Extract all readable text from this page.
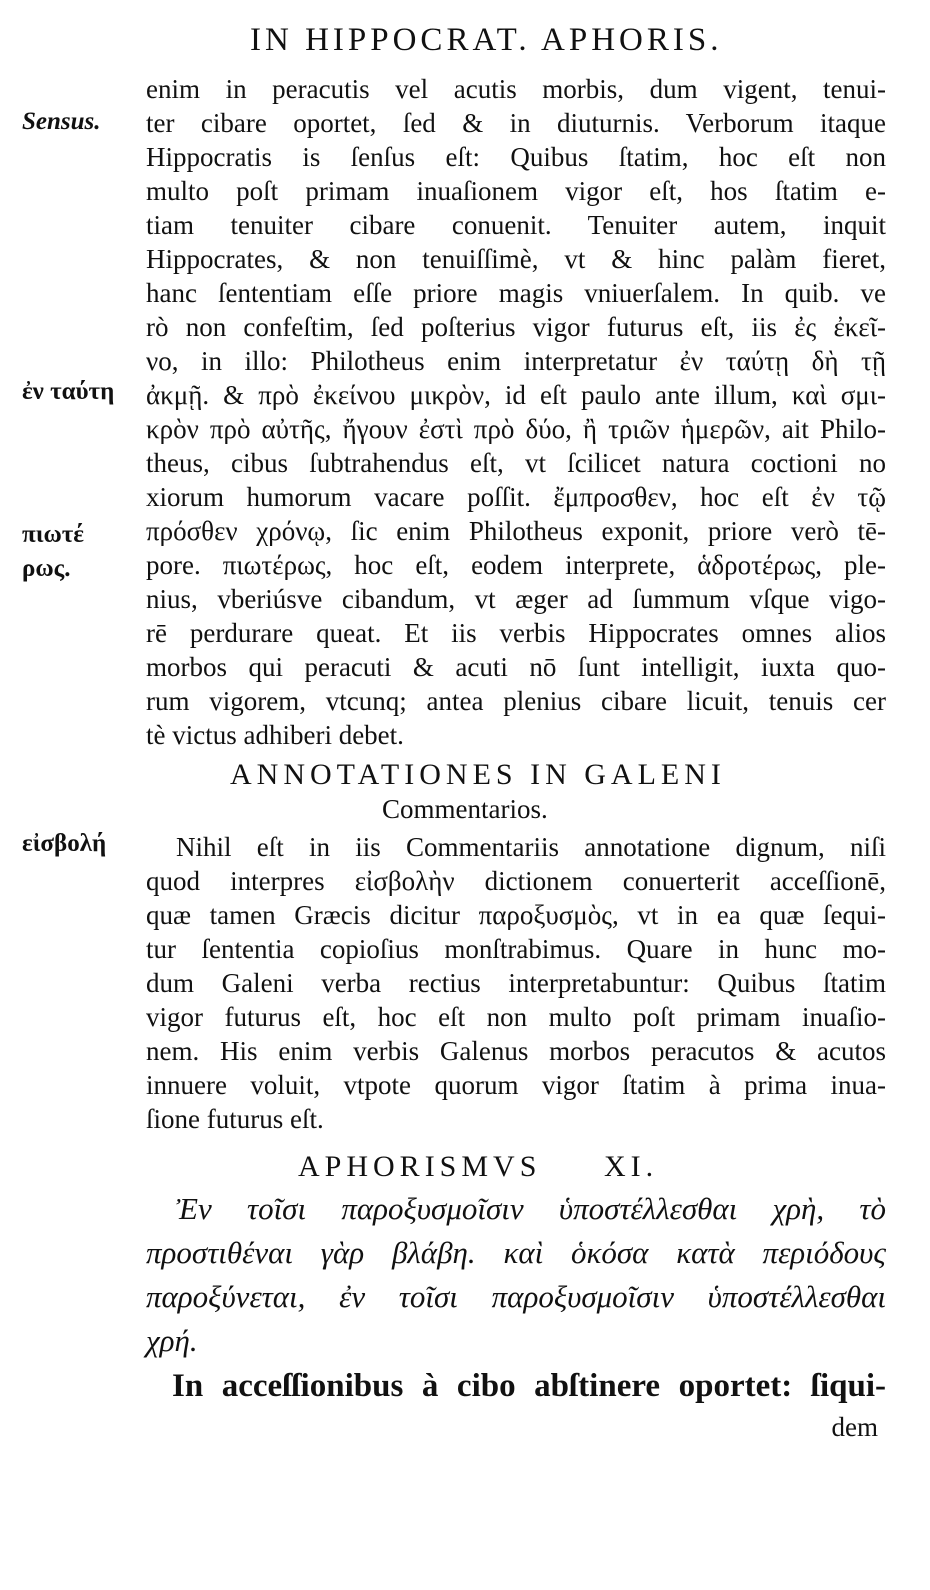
IN HIPPOCRAT. APHORIS.
Sensus.
ἐν ταύτη
πιωτέ
ρως.
εἰσβολή
enim in peracutis vel acutis morbis, dum vigent, tenui-
ter cibare oportet, ſed & in diuturnis. Verborum itaque
Hippocratis is ſenſus eſt: Quibus ſtatim, hoc eſt non
multo poſt primam inuaſionem vigor eſt, hos ſtatim e-
tiam tenuiter cibare conuenit. Tenuiter autem, inquit
Hippocrates, & non tenuiſſimè, vt & hinc palàm fieret,
hanc ſententiam eſſe priore magis vniuerſalem. In quib. ve
rò non confeſtim, ſed poſterius vigor futurus eſt, iis ἐς ἐκεῖ-
νο, in illo: Philotheus enim interpretatur ἐν ταύτῃ δὴ τῇ
ἀκμῇ. & πρὸ ἐκείνου μικρὸν, id eſt paulo ante illum, καὶ σμι-
κρὸν πρὸ αὐτῆς, ἤγουν ἐστὶ πρὸ δύο, ἢ τριῶν ἡμερῶν, ait Philo-
theus, cibus ſubtrahendus eſt, vt ſcilicet natura coctioni no
xiorum humorum vacare poſſit. ἔμπροσθεν, hoc eſt ἐν τῷ
πρόσθεν χρόνῳ, ſic enim Philotheus exponit, priore verò tē-
pore. πιωτέρως, hoc eſt, eodem interprete, ἁδροτέρως, ple-
nius, vberiúsve cibandum, vt æger ad ſummum vſque vigo-
rē perdurare queat. Et iis verbis Hippocrates omnes alios
morbos qui peracuti & acuti nō ſunt intelligit, iuxta quo-
rum vigorem, vtcunq; antea plenius cibare licuit, tenuis cer
tè victus adhiberi debet.
ANNOTATIONES IN GALENI
Commentarios.
Nihil eſt in iis Commentariis annotatione dignum, niſi
quod interpres εἰσβολὴν dictionem conuerterit acceſſionē,
quæ tamen Græcis dicitur παροξυσμὸς, vt in ea quæ ſequi-
tur ſententia copioſius monſtrabimus. Quare in hunc mo-
dum Galeni verba rectius interpretabuntur: Quibus ſtatim
vigor futurus eſt, hoc eſt non multo poſt primam inuaſio-
nem. His enim verbis Galenus morbos peracutos & acutos
innuere voluit, vtpote quorum vigor ſtatim à prima inua-
ſione futurus eſt.
APHORISMVS XI.
Ἐν τοῖσι παροξυσμοῖσιν ὑποστέλλεσθαι χρὴ, τὸ
προστιθέναι γὰρ βλάβη. καὶ ὁκόσα κατὰ περιόδους
παροξύνεται, ἐν τοῖσι παροξυσμοῖσιν ὑποστέλλεσθαι
χρή.
In acceſſionibus à cibo abſtinere oportet: ſiqui-
dem
